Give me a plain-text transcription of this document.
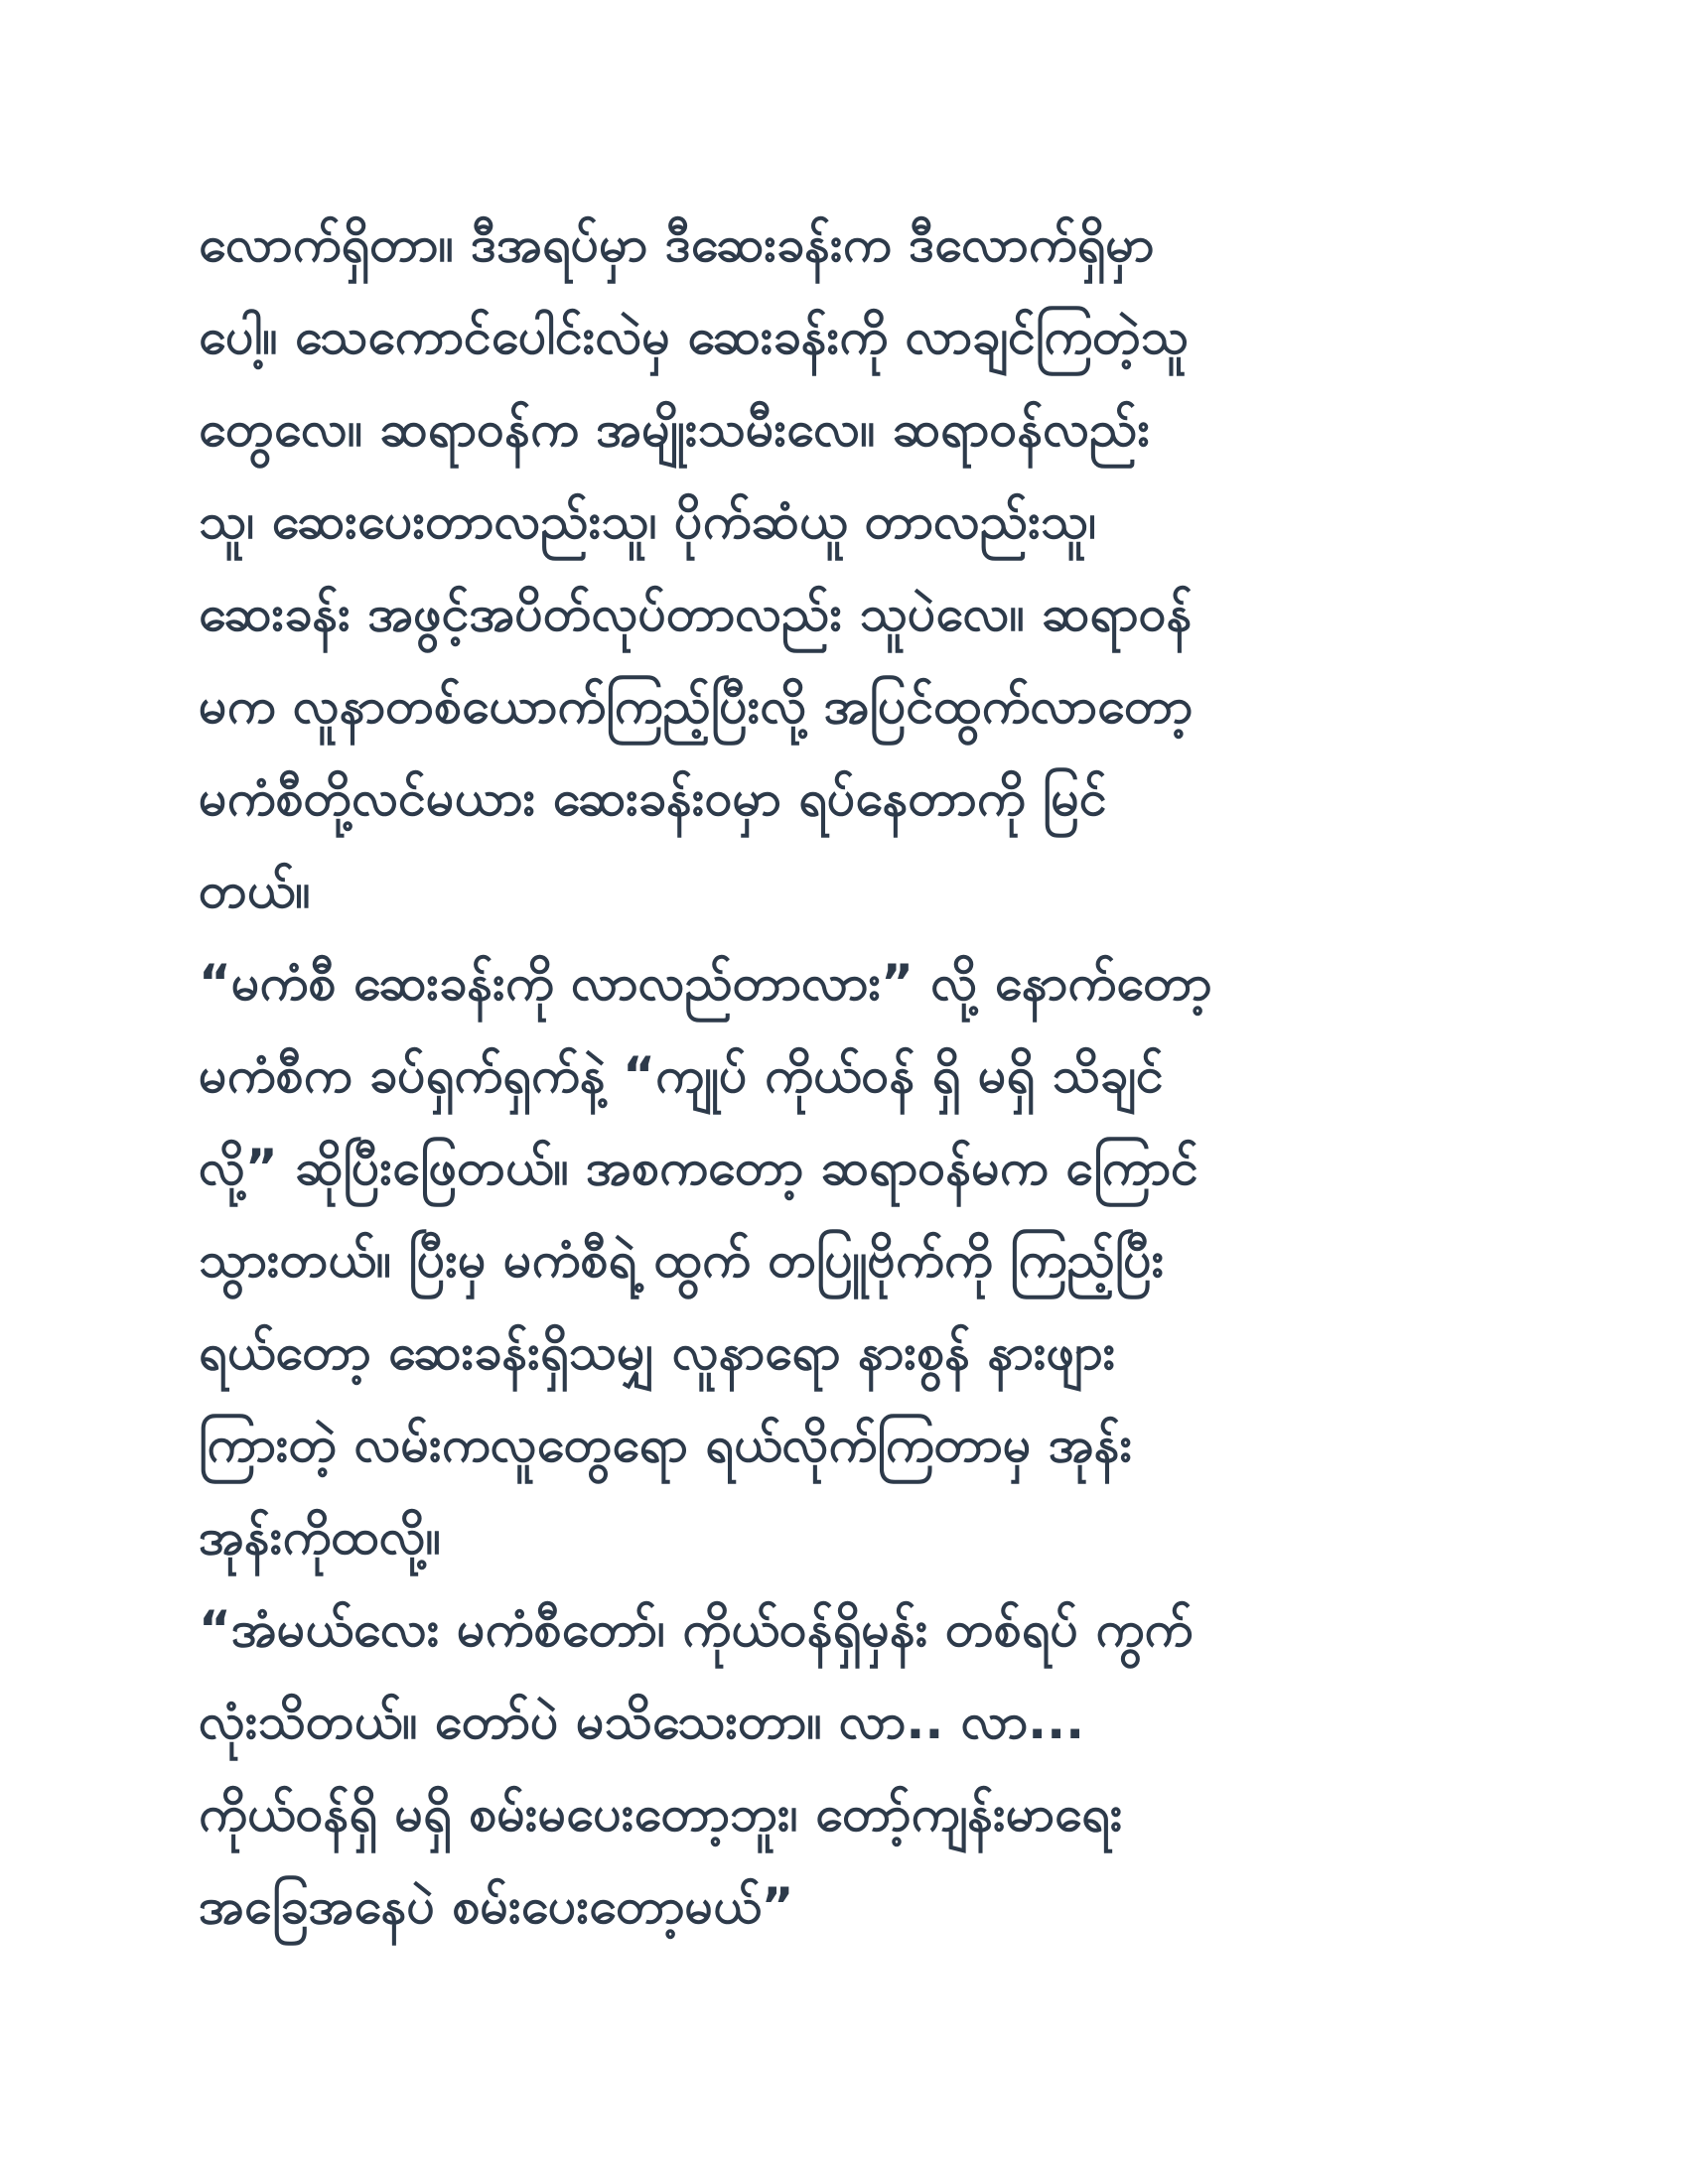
လောက်ရှိတာ။ ဒီအရပ်မှာ ဒီဆေးခန်းက ဒီလောက်ရှိမှာ
ပေါ့။ သေကောင်ပေါင်းလဲမှ ဆေးခန်းကို လာချင်ကြတဲ့သူ
တွေလေ။ ဆရာဝန်က အမျိုးသမီးလေ။ ဆရာဝန်လည်း
သူ၊ ဆေးပေးတာလည်းသူ၊ ပိုက်ဆံယူ တာလည်းသူ၊
ဆေးခန်း အဖွင့်အပိတ်လုပ်တာလည်း သူပဲလေ။ ဆရာဝန်
မက လူနာတစ်ယောက်ကြည့်ပြီးလို့ အပြင်ထွက်လာတော့
မကံစီတို့လင်မယား ဆေးခန်းဝမှာ ရပ်နေတာကို မြင်
တယ်။
“မကံစီ ဆေးခန်းကို လာလည်တာလား” လို့ နောက်တော့
မကံစီက ခပ်ရှက်ရှက်နဲ့ “ကျုပ် ကိုယ်ဝန် ရှိ မရှိ သိချင်
လို့” ဆိုပြီးဖြေတယ်။ အစကတော့ ဆရာဝန်မက ကြောင်
သွားတယ်။ ပြီးမှ မကံစီရဲ့ ထွက် တပြူဗိုက်ကို ကြည့်ပြီး
ရယ်တော့ ဆေးခန်းရှိသမျှ လူနာရော နားစွန် နားဖျား
ကြားတဲ့ လမ်းကလူတွေရော ရယ်လိုက်ကြတာမှ အုန်း
အုန်းကိုထလို့။
“အံမယ်လေး မကံစီတော်၊ ကိုယ်ဝန်ရှိမှန်း တစ်ရပ် ကွက်
လုံးသိတယ်။ တော်ပဲ မသိသေးတာ။ လာ.. လာ...
ကိုယ်ဝန်ရှိ မရှိ စမ်းမပေးတော့ဘူး၊ တော့်ကျန်းမာရေး
အခြေအနေပဲ စမ်းပေးတော့မယ်”
